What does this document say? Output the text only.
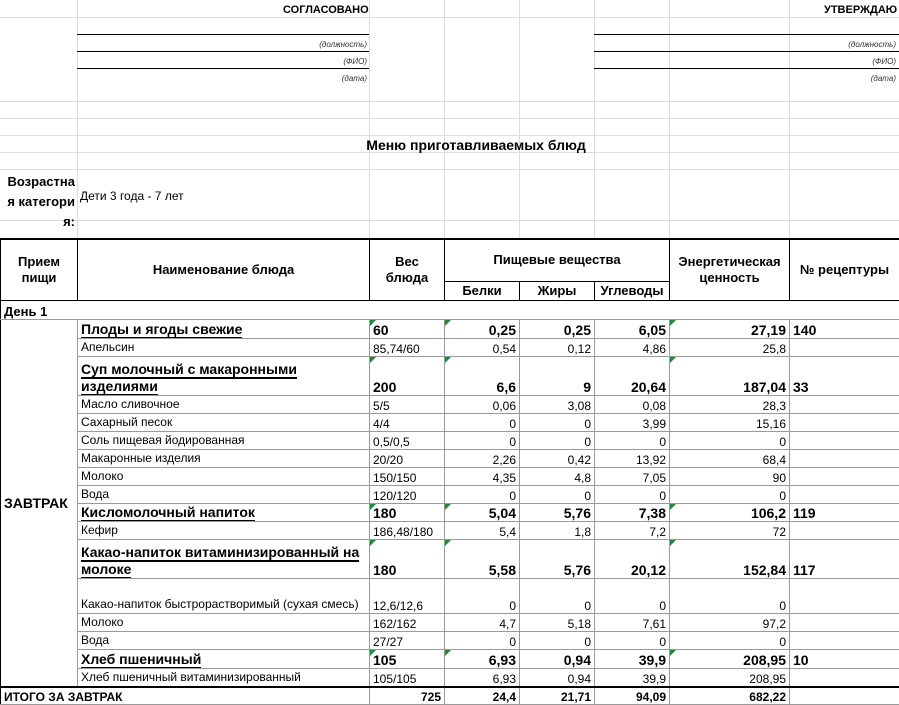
СОГЛАСОВАНО	УТВЕРЖДАЮ
(должность)
(ФИО)
(дата)
(должность)
(ФИО)
(дата)
Меню приготавливаемых блюд
Возрастная категория:
Дети 3 года - 7 лет
Прием пищи	Наименование блюда	Вес блюда	Пищевые вещества			Энергетическая ценность	№ рецептуры
			Белки	Жиры	Углеводы		
День 1							
ЗАВТРАК	Плоды и ягоды свежие	60	0,25	0,25	6,05	27,19	140
	Апельсин	85,74/60	0,54	0,12	4,86	25,8	
	Суп молочный с макаронными изделиями	200	6,6	9	20,64	187,04	33
	Масло сливочное	5/5	0,06	3,08	0,08	28,3	
	Сахарный песок	4/4	0	0	3,99	15,16	
	Соль пищевая йодированная	0,5/0,5	0	0	0	0	
	Макаронные изделия	20/20	2,26	0,42	13,92	68,4	
	Молоко	150/150	4,35	4,8	7,05	90	
	Вода	120/120	0	0	0	0	
	Кисломолочный напиток	180	5,04	5,76	7,38	106,2	119
	Кефир	186,48/180	5,4	1,8	7,2	72	
	Какао-напиток витаминизированный на молоке	180	5,58	5,76	20,12	152,84	117
	Какао-напиток быстрорастворимый (сухая смесь)	12,6/12,6	0	0	0	0	
	Молоко	162/162	4,7	5,18	7,61	97,2	
	Вода	27/27	0	0	0	0	
	Хлеб пшеничный	105	6,93	0,94	39,9	208,95	10
	Хлеб пшеничный витаминизированный	105/105	6,93	0,94	39,9	208,95	
ИТОГО ЗА ЗАВТРАК		725	24,4	21,71	94,09	682,22	
